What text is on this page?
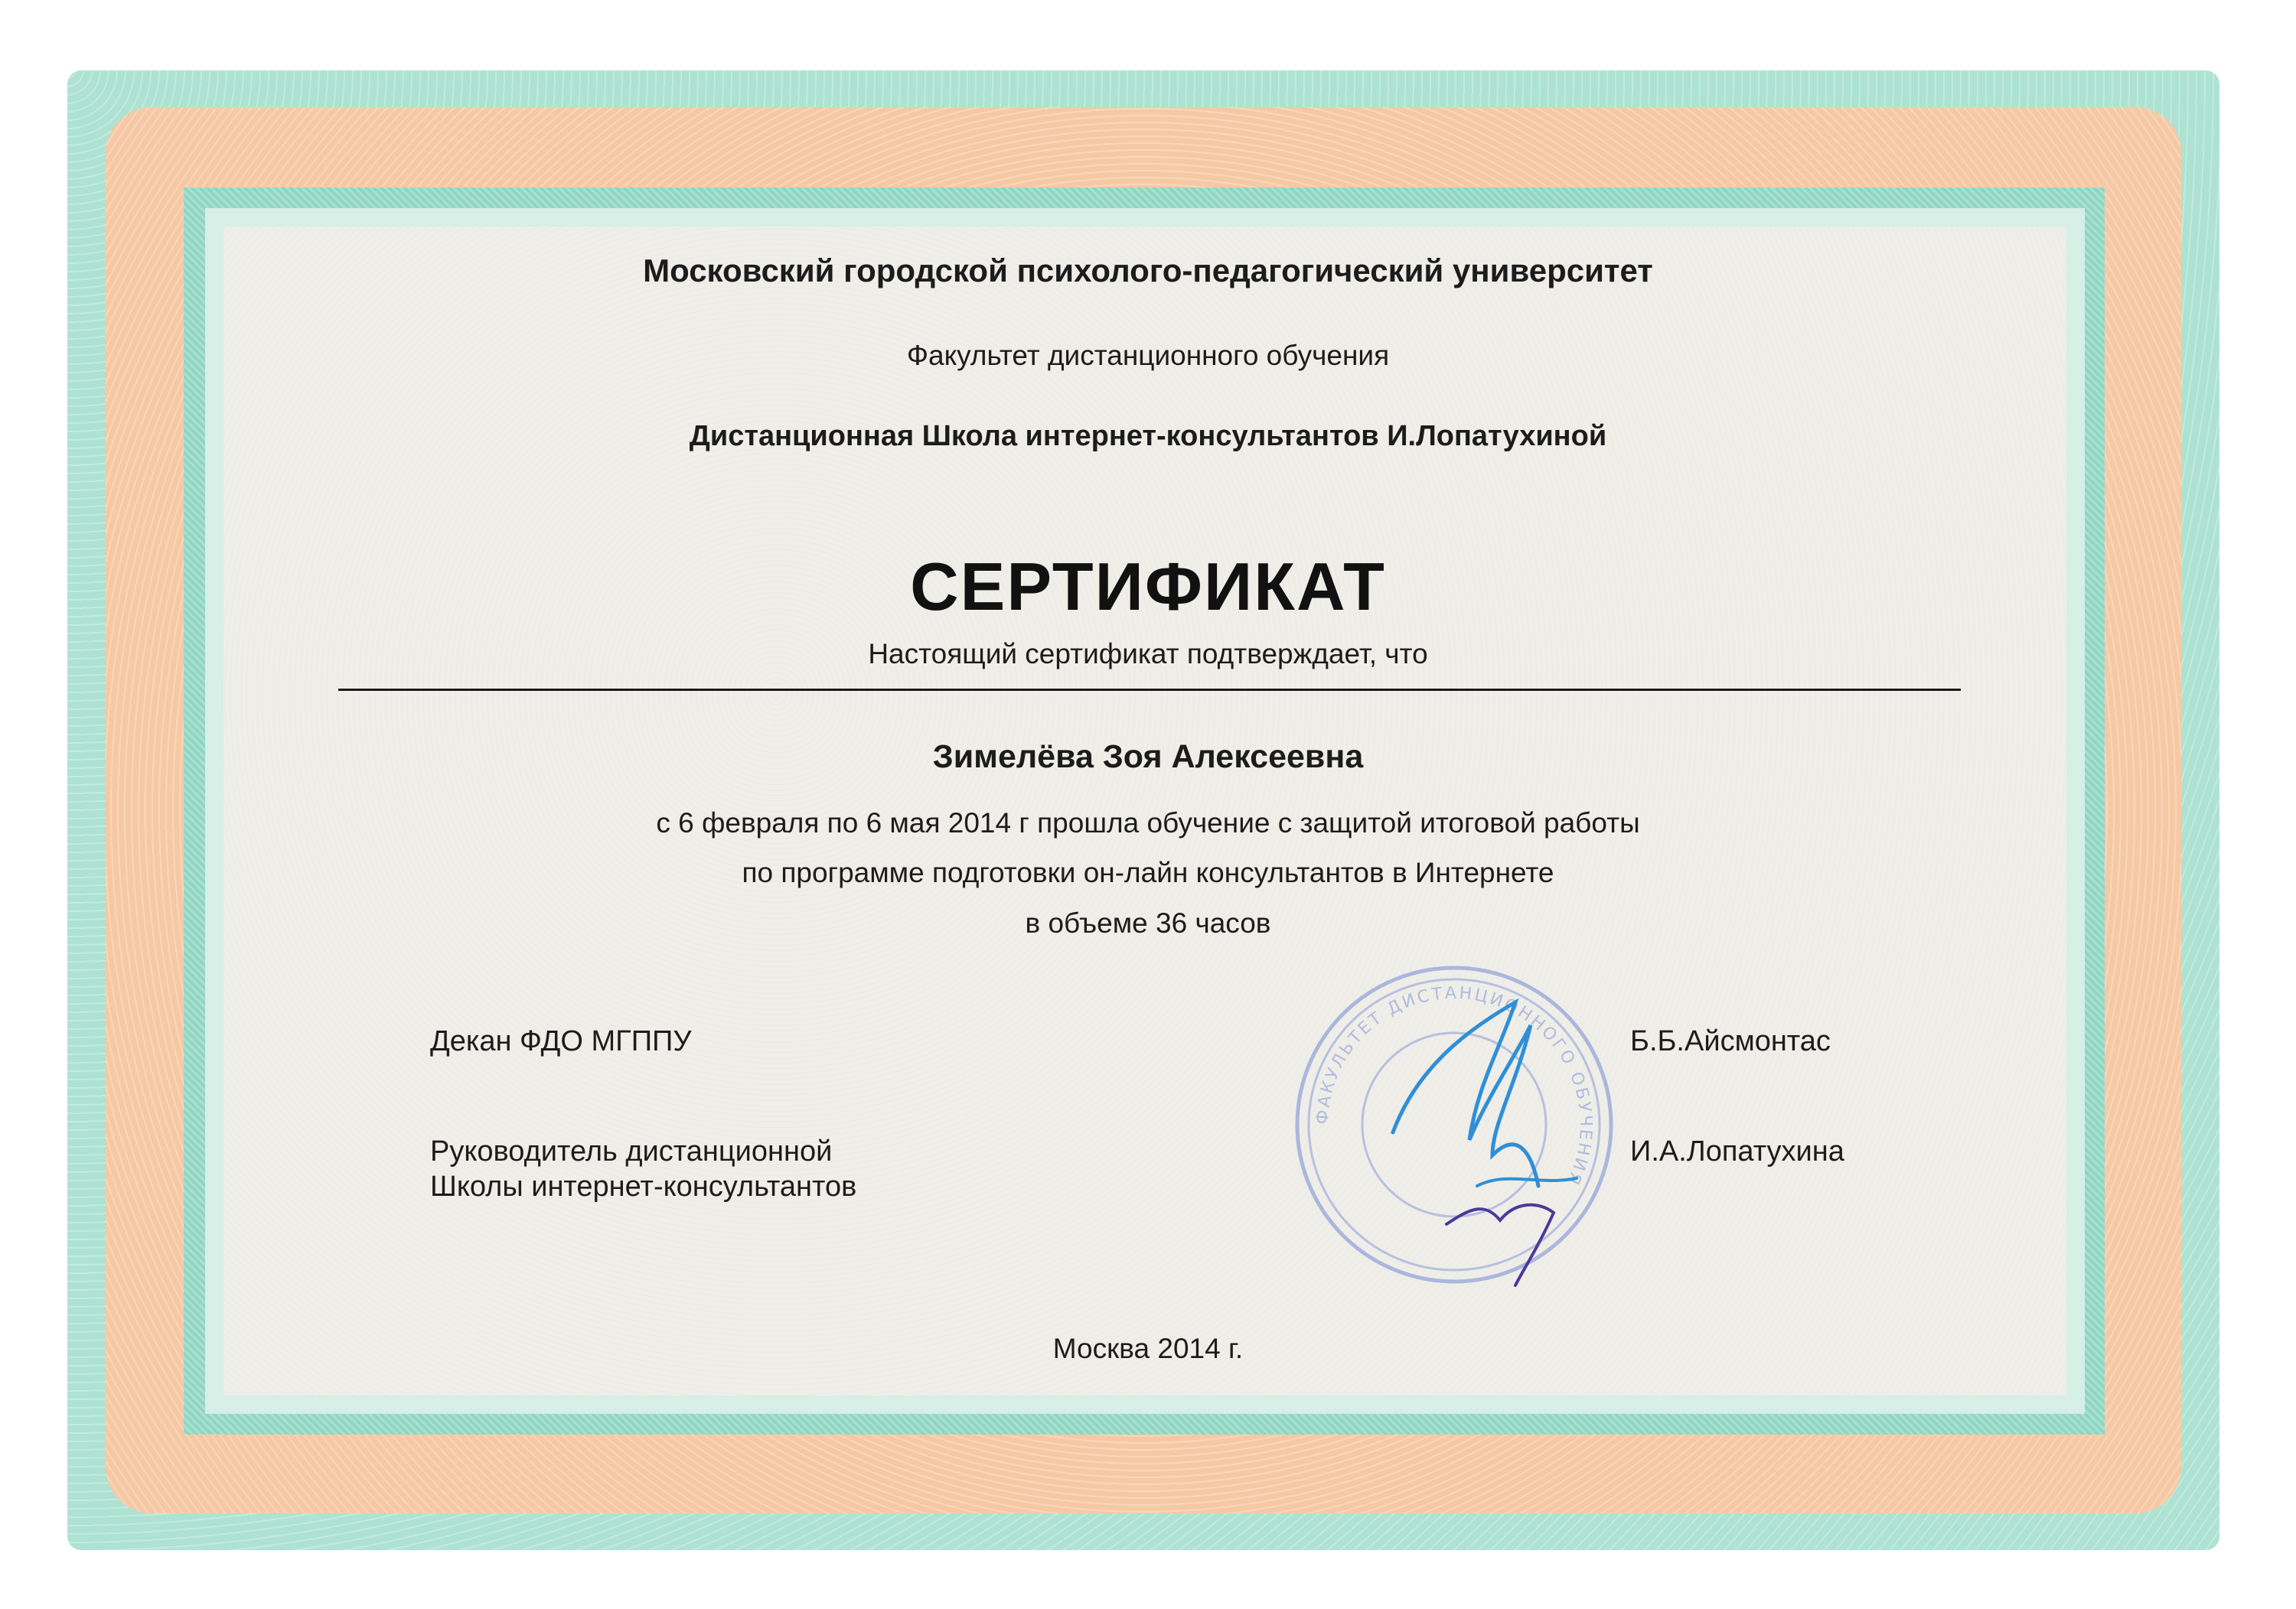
Московский городской психолого-педагогический университет
Факультет дистанционного обучения
Дистанционная Школа интернет-консультантов И.Лопатухиной
СЕРТИФИКАТ
Настоящий сертификат подтверждает, что
Зимелёва Зоя Алексеевна
с 6 февраля по 6 мая 2014 г прошла обучение с защитой итоговой работы
по программе подготовки он-лайн консультантов в Интернете
в объеме 36 часов
Декан ФДО МГППУ	Б.Б.Айсмонтас
Руководитель дистанционной
Школы интернет-консультантов
И.А.Лопатухина
ФАКУЛЬТЕТ ДИСТАНЦИОННОГО ОБУЧЕНИЯ
Москва 2014 г.
